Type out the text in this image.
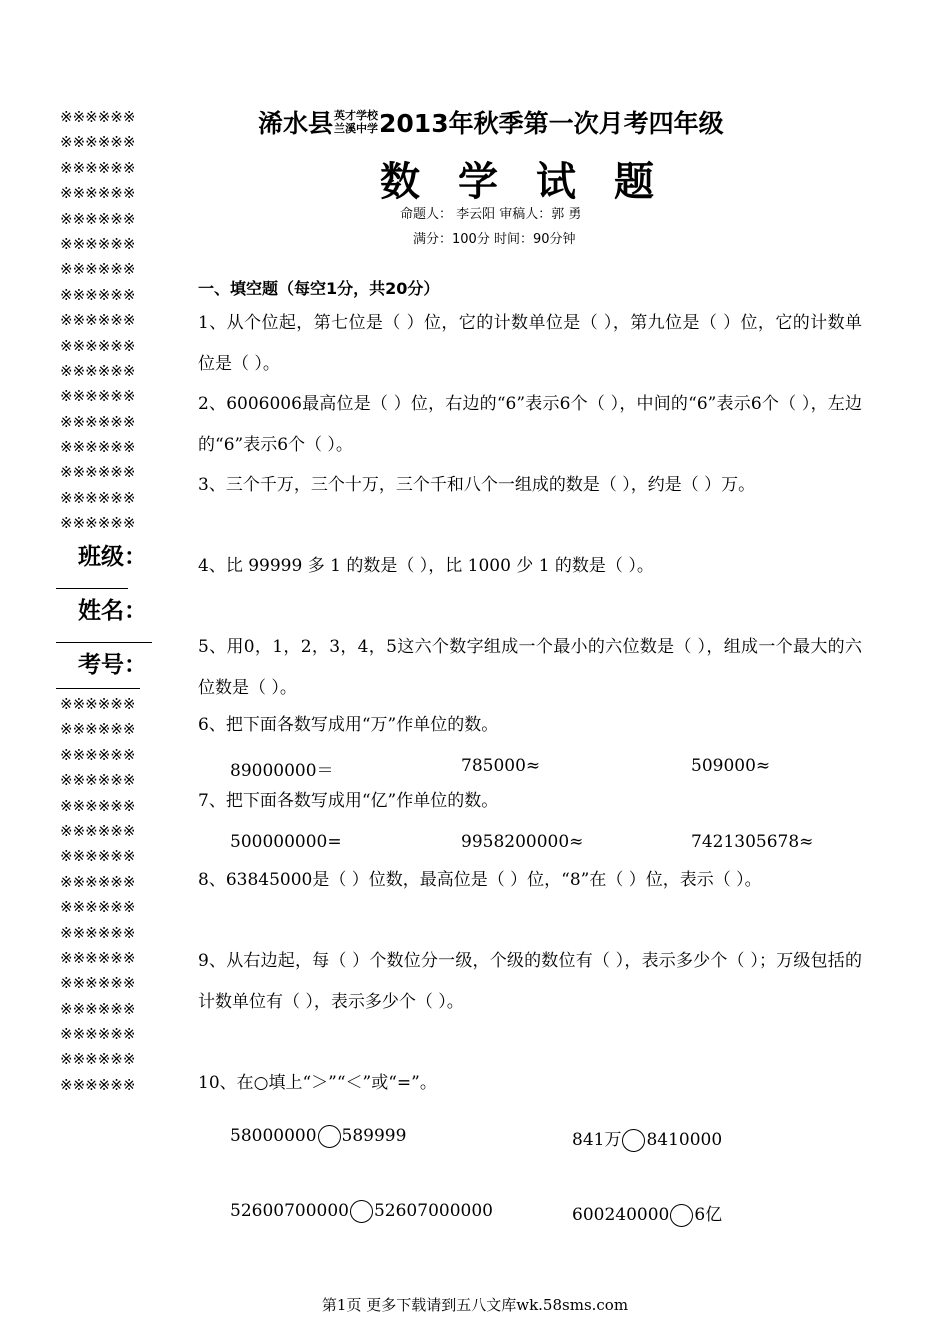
※※※※※※
※※※※※※
※※※※※※
※※※※※※
※※※※※※
※※※※※※
※※※※※※
※※※※※※
※※※※※※
※※※※※※
※※※※※※
※※※※※※
※※※※※※
※※※※※※
※※※※※※
※※※※※※
※※※※※※
班级：
姓名：
考号：
※※※※※※
※※※※※※
※※※※※※
※※※※※※
※※※※※※
※※※※※※
※※※※※※
※※※※※※
※※※※※※
※※※※※※
※※※※※※
※※※※※※
※※※※※※
※※※※※※
※※※※※※
※※※※※※
浠水县英才学校
兰溪中学2013年秋季第一次月考四年级
数学试题
命题人： 李云阳 审稿人：郭 勇
满分：100分 时间：90分钟
一、填空题（每空1分，共20分）
1、从个位起，第七位是（ ）位，它的计数单位是（ ），第九位是（ ）位，它的计数单位是（ ）。
2、6006006最高位是（ ）位，右边的“6”表示6个（ ），中间的“6”表示6个（ ），左边的“6”表示6个（ ）。
3、三个千万，三个十万，三个千和八个一组成的数是（ ），约是（ ）万。
4、比 99999 多 1 的数是（ ），比 1000 少 1 的数是（ ）。
5、用0，1，2，3，4，5这六个数字组成一个最小的六位数是（ ），组成一个最大的六位数是（ ）。
6、把下面各数写成用“万”作单位的数。
89000000＝	785000≈	509000≈
7、把下面各数写成用“亿”作单位的数。
500000000=	9958200000≈	7421305678≈
8、63845000是（ ）位数，最高位是（ ）位，“8”在（ ）位，表示（ ）。
9、从右边起，每（ ）个数位分一级，个级的数位有（ ），表示多少个（ ）；万级包括的计数单位有（ ），表示多少个（ ）。
10、在○填上“＞”“＜”或“=”。
58000000 589999	841万 8410000
52600700000 52607000000	600240000 6亿
第1页 更多下载请到五八文库wk.58sms.com
